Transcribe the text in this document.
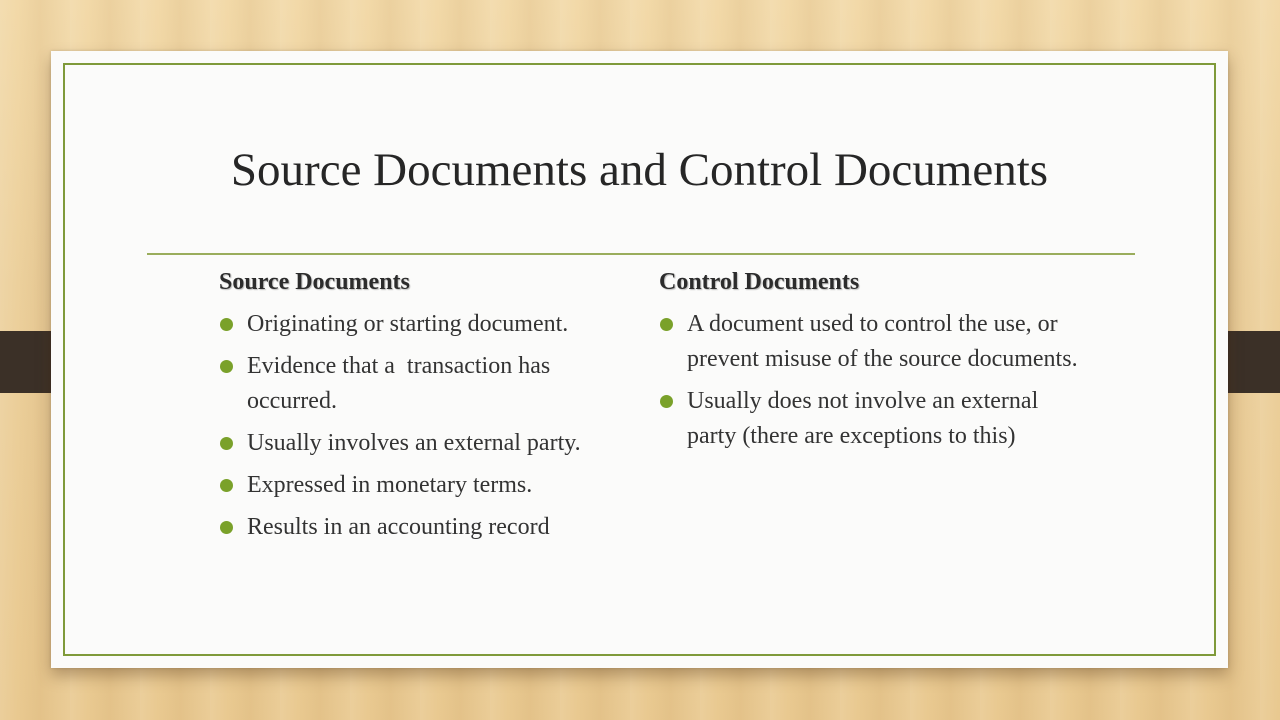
Source Documents and Control Documents
Source Documents
Originating or starting document.
Evidence that a  transaction has occurred.
Usually involves an external party.
Expressed in monetary terms.
Results in an accounting record
Control Documents
A document used to control the use, or prevent misuse of the source documents.
Usually does not involve an external party (there are exceptions to this)
